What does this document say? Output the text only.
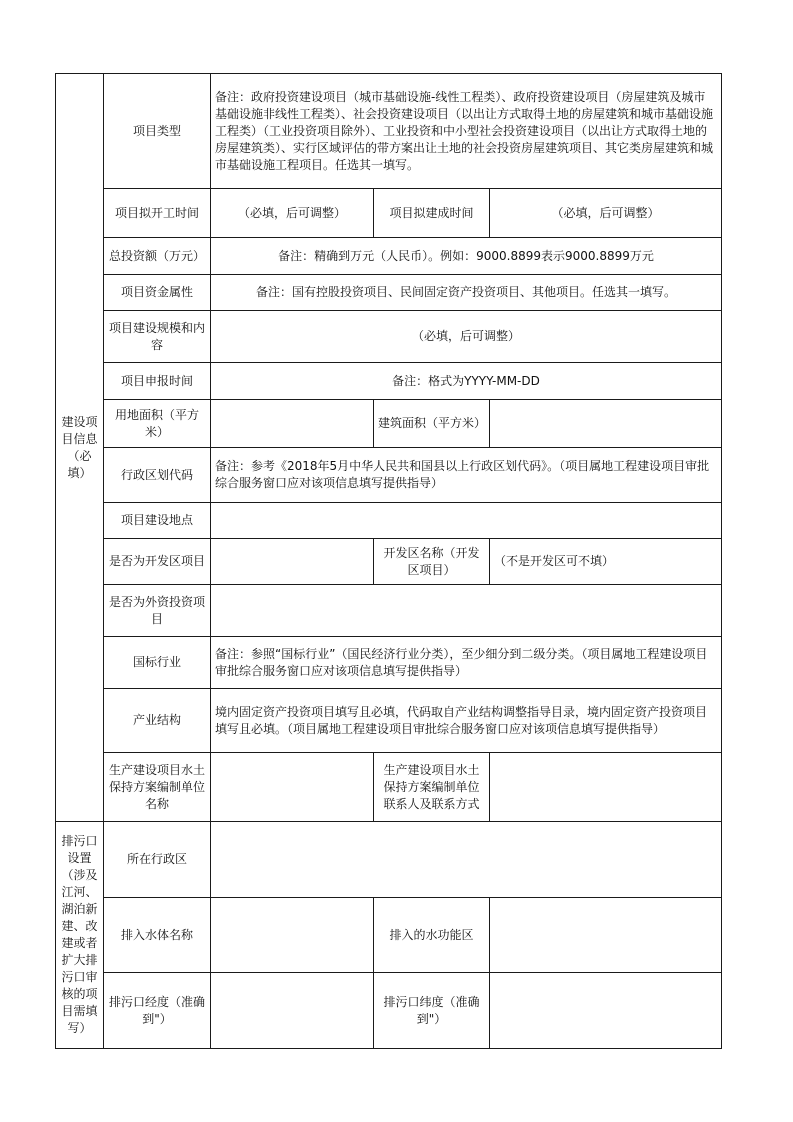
建设项目信息（必填）	项目类型	备注：政府投资建设项目（城市基础设施-线性工程类）、政府投资建设项目（房屋建筑及城市基础设施非线性工程类）、社会投资建设项目（以出让方式取得土地的房屋建筑和城市基础设施工程类）（工业投资项目除外）、工业投资和中小型社会投资建设项目（以出让方式取得土地的房屋建筑类）、实行区域评估的带方案出让土地的社会投资房屋建筑项目、其它类房屋建筑和城市基础设施工程项目。任选其一填写。		
	项目拟开工时间	（必填，后可调整）	项目拟建成时间	（必填，后可调整）
	总投资额（万元）	备注：精确到万元（人民币）。例如：9000.8899表示9000.8899万元		
	项目资金属性	备注：国有控股投资项目、民间固定资产投资项目、其他项目。任选其一填写。		
	项目建设规模和内容	（必填，后可调整）		
	项目申报时间	备注：格式为YYYY-MM-DD		
	用地面积（平方米）		建筑面积（平方米）	
	行政区划代码	备注：参考《2018年5月中华人民共和国县以上行政区划代码》。（项目属地工程建设项目审批综合服务窗口应对该项信息填写提供指导）		
	项目建设地点			
	是否为开发区项目		开发区名称（开发区项目）	（不是开发区可不填）
	是否为外资投资项目			
	国标行业	备注：参照“国标行业”（国民经济行业分类），至少细分到二级分类。（项目属地工程建设项目审批综合服务窗口应对该项信息填写提供指导）		
	产业结构	境内固定资产投资项目填写且必填，代码取自产业结构调整指导目录，境内固定资产投资项目填写且必填。（项目属地工程建设项目审批综合服务窗口应对该项信息填写提供指导）		
	生产建设项目水土保持方案编制单位名称		生产建设项目水土保持方案编制单位联系人及联系方式	

排污口设置（涉及江河、湖泊新建、改建或者扩大排污口审核的项目需填写）	所在行政区			
	排入水体名称		排入的水功能区	
	排污口经度（准确到"）		排污口纬度（准确到"）	
